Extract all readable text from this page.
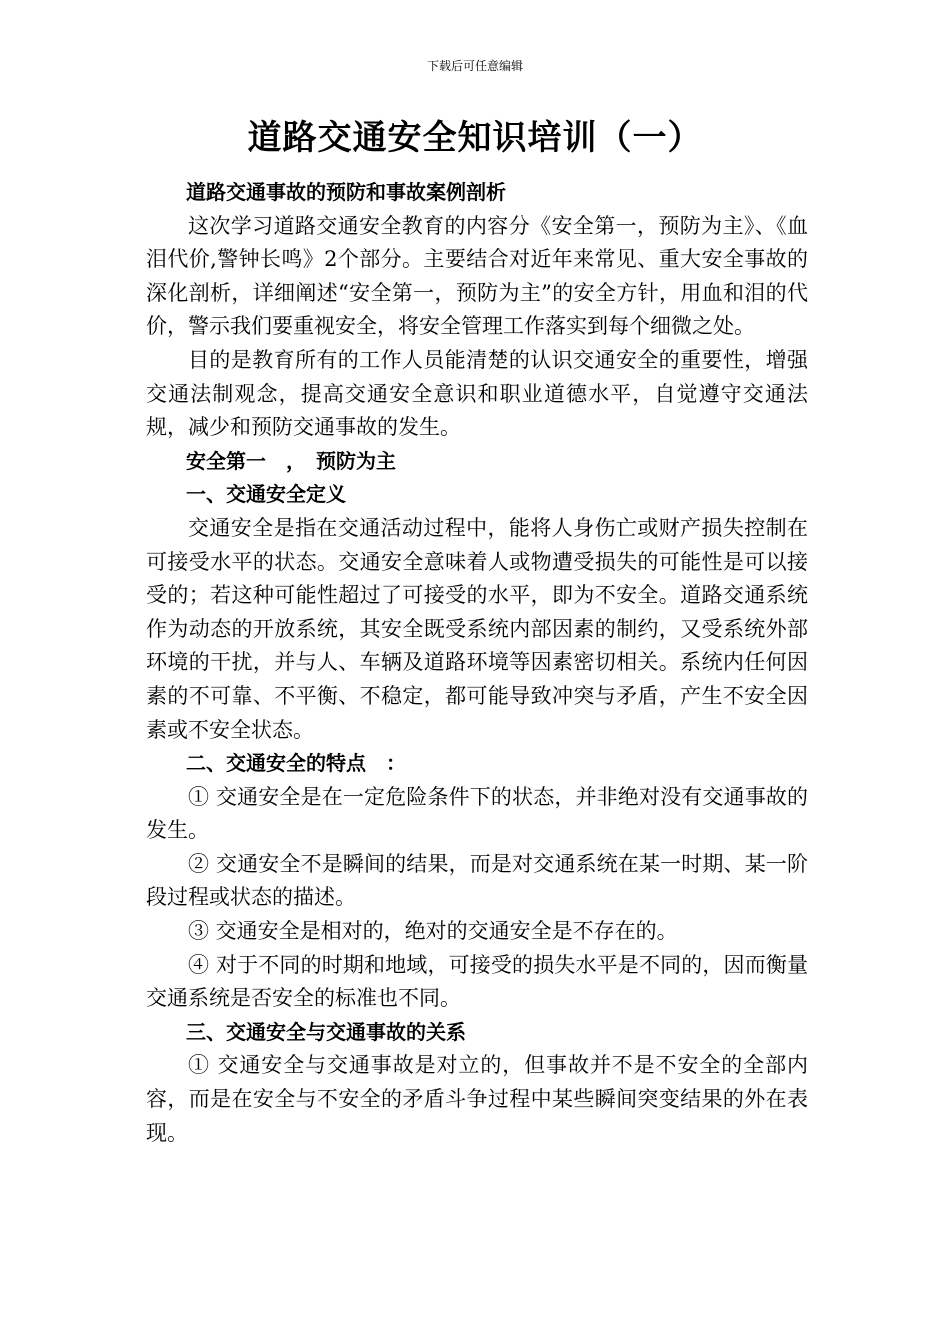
下载后可任意编辑
道路交通安全知识培训（一）

道路交通事故的预防和事故案例剖析

这次学习道路交通安全教育的内容分《安全第一，预防为主》、《血泪代价,警钟长鸣》2个部分。主要结合对近年来常见、重大安全事故的深化剖析，详细阐述“安全第一，预防为主”的安全方针，用血和泪的代价，警示我们要重视安全，将安全管理工作落实到每个细微之处。

目的是教育所有的工作人员能清楚的认识交通安全的重要性，增强交通法制观念，提高交通安全意识和职业道德水平，自觉遵守交通法规，减少和预防交通事故的发生。

安全第一　，　预防为主

一、交通安全定义

交通安全是指在交通活动过程中，能将人身伤亡或财产损失控制在可接受水平的状态。交通安全意味着人或物遭受损失的可能性是可以接受的；若这种可能性超过了可接受的水平，即为不安全。道路交通系统作为动态的开放系统，其安全既受系统内部因素的制约，又受系统外部环境的干扰，并与人、车辆及道路环境等因素密切相关。系统内任何因素的不可靠、不平衡、不稳定，都可能导致冲突与矛盾，产生不安全因素或不安全状态。

二、交通安全的特点　：

① 交通安全是在一定危险条件下的状态，并非绝对没有交通事故的发生。

② 交通安全不是瞬间的结果，而是对交通系统在某一时期、某一阶段过程或状态的描述。

③ 交通安全是相对的，绝对的交通安全是不存在的。

④ 对于不同的时期和地域，可接受的损失水平是不同的，因而衡量交通系统是否安全的标准也不同。

三、交通安全与交通事故的关系

① 交通安全与交通事故是对立的，但事故并不是不安全的全部内容，而是在安全与不安全的矛盾斗争过程中某些瞬间突变结果的外在表现。
